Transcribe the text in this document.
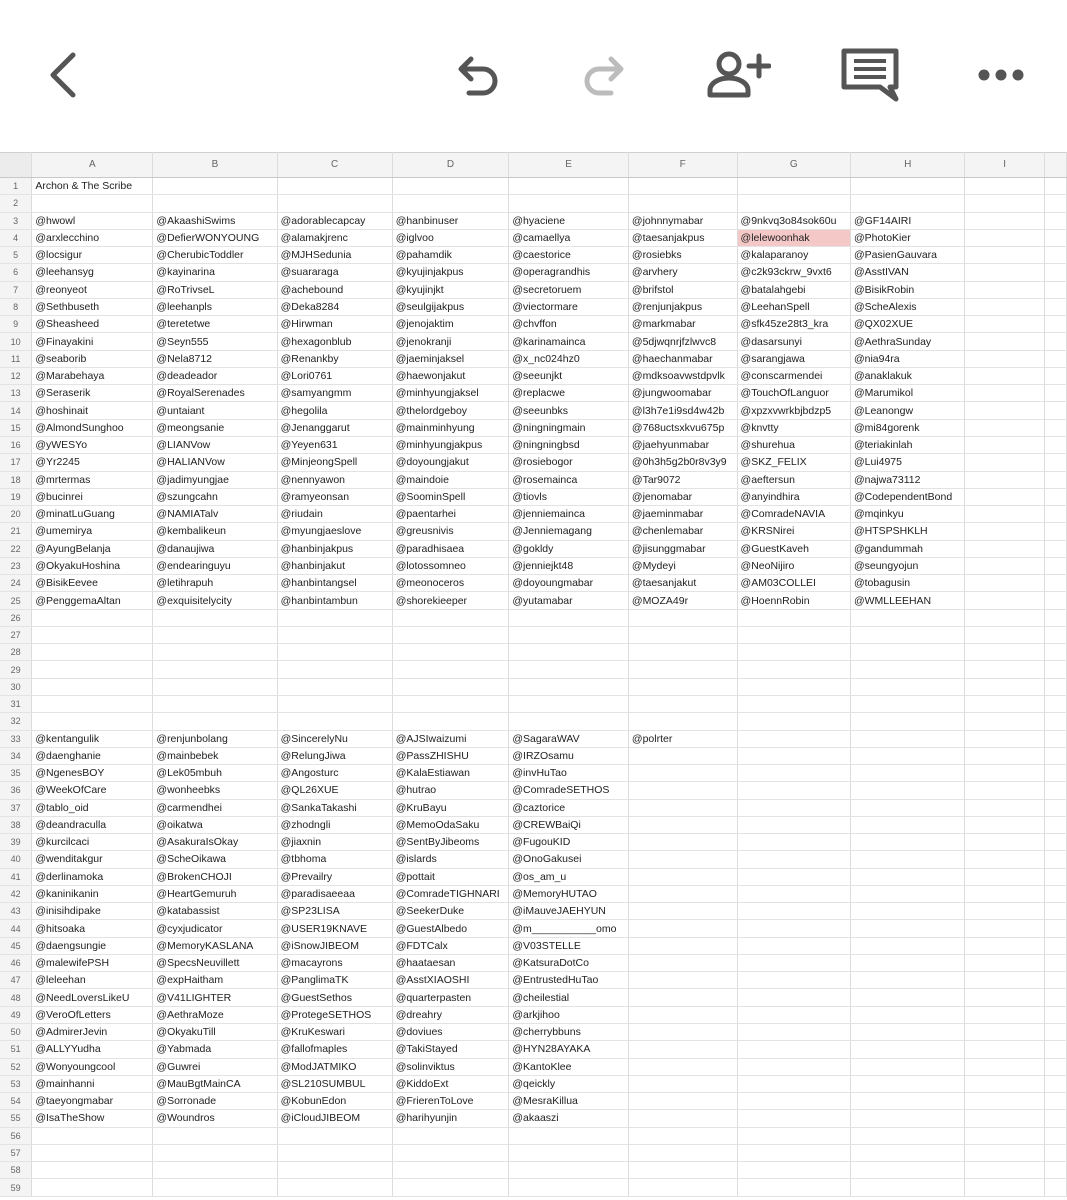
	A	B	C	D	E	F	G	H	I	
1	Archon & The Scribe									
2										
3	@hwowl	@AkaashiSwims	@adorablecapcay	@hanbinuser	@hyaciene	@johnnymabar	@9nkvq3o84sok60u	@GF14AIRI		
4	@arxlecchino	@DefierWONYOUNG	@alamakjrenc	@iglvoo	@camaellya	@taesanjakpus	@lelewoonhak	@PhotoKier		
5	@locsigur	@CherubicToddler	@MJHSedunia	@pahamdik	@caestorice	@rosiebks	@kalaparanoy	@PasienGauvara		
6	@leehansyg	@kayinarina	@suararaga	@kyujinjakpus	@operagrandhis	@arvhery	@c2k93ckrw_9vxt6	@AsstIVAN		
7	@reonyeot	@RoTrivseL	@achebound	@kyujinjkt	@secretoruem	@brifstol	@batalahgebi	@BisikRobin		
8	@Sethbuseth	@leehanpls	@Deka8284	@seulgijakpus	@viectormare	@renjunjakpus	@LeehanSpell	@ScheAlexis		
9	@Sheasheed	@teretetwe	@Hirwman	@jenojaktim	@chvffon	@markmabar	@sfk45ze28t3_kra	@QX02XUE		
10	@Finayakini	@Seyn555	@hexagonblub	@jenokranji	@karinamainca	@5djwqnrjfzlwvc8	@dasarsunyi	@AethraSunday		
11	@seaborib	@Nela8712	@Renankby	@jaeminjaksel	@x_nc024hz0	@haechanmabar	@sarangjawa	@nia94ra		
12	@Marabehaya	@deadeador	@Lori0761	@haewonjakut	@seeunjkt	@mdksoavwstdpvlk	@conscarmendei	@anaklakuk		
13	@Seraserik	@RoyalSerenades	@samyangmm	@minhyungjaksel	@replacwe	@jungwoomabar	@TouchOfLanguor	@Marumikol		
14	@hoshinait	@untaiant	@hegolila	@thelordgeboy	@seeunbks	@l3h7e1i9sd4w42b	@xpzxvwrkbjbdzp5	@Leanongw		
15	@AlmondSunghoo	@meongsanie	@Jenanggarut	@mainminhyung	@ningningmain	@768uctsxkvu675p	@knvtty	@mi84gorenk		
16	@yWESYo	@LIANVow	@Yeyen631	@minhyungjakpus	@ningningbsd	@jaehyunmabar	@shurehua	@teriakinlah		
17	@Yr2245	@HALIANVow	@MinjeongSpell	@doyoungjakut	@rosiebogor	@0h3h5g2b0r8v3y9	@SKZ_FELIX	@Lui4975		
18	@mrtermas	@jadimyungjae	@nennyawon	@maindoie	@rosemainca	@Tar9072	@aeftersun	@najwa73112		
19	@bucinrei	@szungcahn	@ramyeonsan	@SoominSpell	@tiovls	@jenomabar	@anyindhira	@CodependentBond		
20	@minatLuGuang	@NAMIATalv	@riudain	@paentarhei	@jenniemainca	@jaeminmabar	@ComradeNAVIA	@mqinkyu		
21	@umemirya	@kembalikeun	@myungjaeslove	@greusnivis	@Jenniemagang	@chenlemabar	@KRSNirei	@HTSPSHKLH		
22	@AyungBelanja	@danaujiwa	@hanbinjakpus	@paradhisaea	@gokldy	@jisunggmabar	@GuestKaveh	@gandummah		
23	@OkyakuHoshina	@endearinguyu	@hanbinjakut	@lotossomneo	@jenniejkt48	@Mydeyi	@NeoNijiro	@seungyojun		
24	@BisikEevee	@letihrapuh	@hanbintangsel	@meonoceros	@doyoungmabar	@taesanjakut	@AM03COLLEI	@tobagusin		
25	@PenggemaAltan	@exquisitelycity	@hanbintambun	@shorekieeper	@yutamabar	@MOZA49r	@HoennRobin	@WMLLEEHAN		
26										
27										
28										
29										
30										
31										
32										
33	@kentangulik	@renjunbolang	@SincerelyNu	@AJSIwaizumi	@SagaraWAV	@polrter				
34	@daenghanie	@mainbebek	@RelungJiwa	@PassZHISHU	@IRZOsamu					
35	@NgenesBOY	@Lek05mbuh	@Angosturc	@KalaEstiawan	@invHuTao					
36	@WeekOfCare	@wonheebks	@QL26XUE	@hutrao	@ComradeSETHOS					
37	@tablo_oid	@carmendhei	@SankaTakashi	@KruBayu	@caztorice					
38	@deandraculla	@oikatwa	@zhodngli	@MemoOdaSaku	@CREWBaiQi					
39	@kurcilcaci	@AsakuraIsOkay	@jiaxnin	@SentByJibeoms	@FugouKID					
40	@wenditakgur	@ScheOikawa	@tbhoma	@islards	@OnoGakusei					
41	@derlinamoka	@BrokenCHOJI	@Prevailry	@pottait	@os_am_u					
42	@kaninikanin	@HeartGemuruh	@paradisaeeaa	@ComradeTIGHNARI	@MemoryHUTAO					
43	@inisihdipake	@katabassist	@SP23LISA	@SeekerDuke	@iMauveJAEHYUN					
44	@hitsoaka	@cyxjudicator	@USER19KNAVE	@GuestAlbedo	@m___________omo					
45	@daengsungie	@MemoryKASLANA	@iSnowJIBEOM	@FDTCalx	@V03STELLE					
46	@malewifePSH	@SpecsNeuvillett	@macayrons	@haataesan	@KatsuraDotCo					
47	@leleehan	@expHaitham	@PanglimaTK	@AsstXIAOSHI	@EntrustedHuTao					
48	@NeedLoversLikeU	@V41LIGHTER	@GuestSethos	@quarterpasten	@cheilestial					
49	@VeroOfLetters	@AethraMoze	@ProtegeSETHOS	@dreahry	@arkjihoo					
50	@AdmirerJevin	@OkyakuTill	@KruKeswari	@doviues	@cherrybbuns					
51	@ALLYYudha	@Yabmada	@fallofmaples	@TakiStayed	@HYN28AYAKA					
52	@Wonyoungcool	@Guwrei	@ModJATMIKO	@solinviktus	@KantoKlee					
53	@mainhanni	@MauBgtMainCA	@SL210SUMBUL	@KiddoExt	@qeickly					
54	@taeyongmabar	@Sorronade	@KobunEdon	@FrierenToLove	@MesraKillua					
55	@IsaTheShow	@Woundros	@iCloudJIBEOM	@harihyunjin	@akaaszi					
56										
57										
58										
59										
